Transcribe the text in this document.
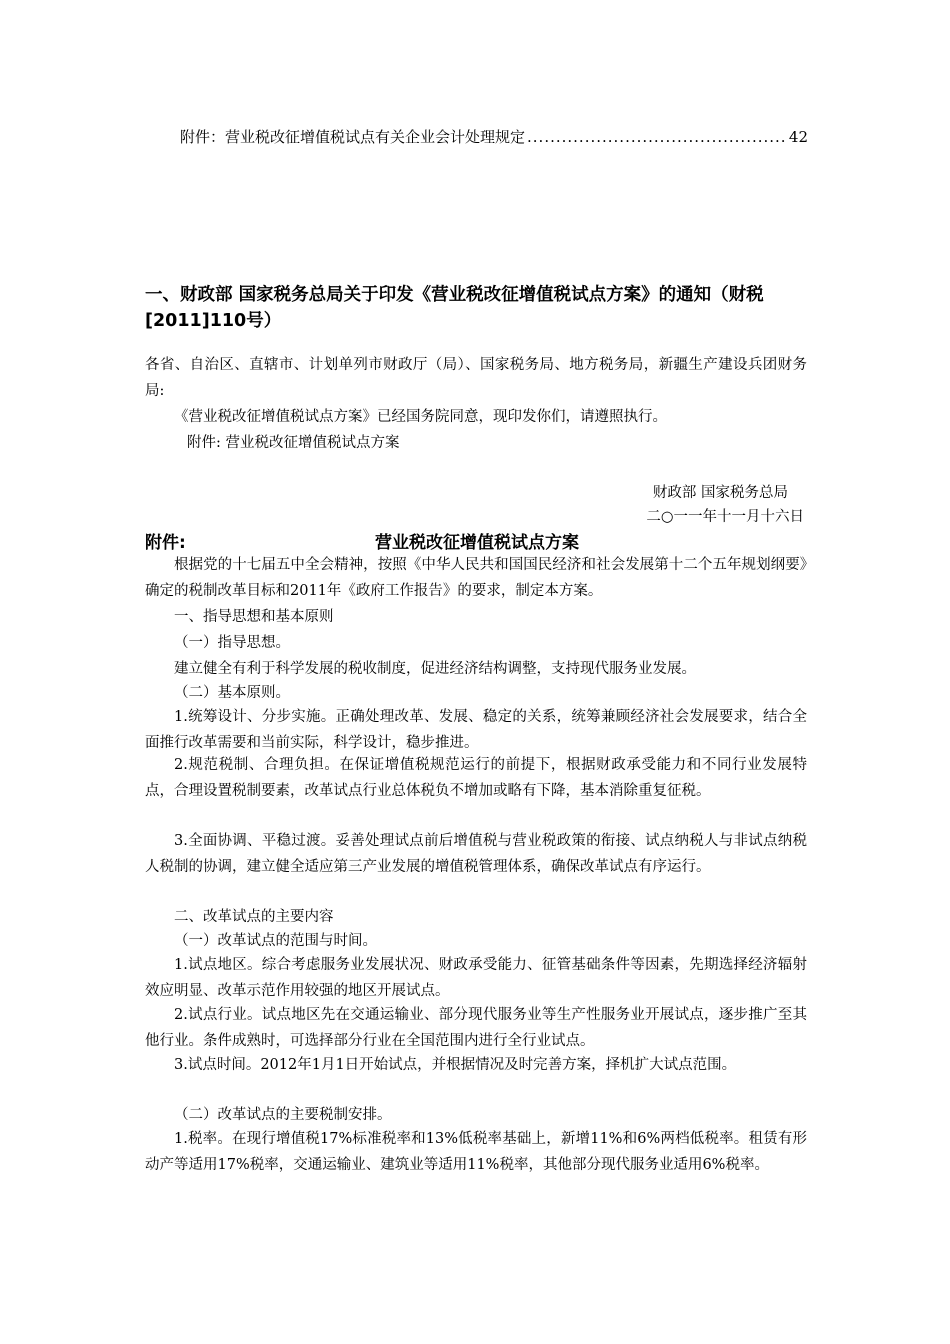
附件：营业税改征增值税试点有关企业会计处理规定
.....	42
一、财政部 国家税务总局关于印发《营业税改征增值税试点方案》的通知（财税[2011]110号）
各省、自治区、直辖市、计划单列市财政厅（局）、国家税务局、地方税务局，新疆生产建设兵团财务局:
《营业税改征增值税试点方案》已经国务院同意，现印发你们，请遵照执行。
附件: 营业税改征增值税试点方案
财政部 国家税务总局
二○一一年十一月十六日
附件:	营业税改征增值税试点方案
根据党的十七届五中全会精神，按照《中华人民共和国国民经济和社会发展第十二个五年规划纲要》确定的税制改革目标和2011年《政府工作报告》的要求，制定本方案。
一、指导思想和基本原则
（一）指导思想。
建立健全有利于科学发展的税收制度，促进经济结构调整，支持现代服务业发展。
（二）基本原则。
1.统筹设计、分步实施。正确处理改革、发展、稳定的关系，统筹兼顾经济社会发展要求，结合全面推行改革需要和当前实际，科学设计，稳步推进。
2.规范税制、合理负担。在保证增值税规范运行的前提下，根据财政承受能力和不同行业发展特点，合理设置税制要素，改革试点行业总体税负不增加或略有下降，基本消除重复征税。
3.全面协调、平稳过渡。妥善处理试点前后增值税与营业税政策的衔接、试点纳税人与非试点纳税人税制的协调，建立健全适应第三产业发展的增值税管理体系，确保改革试点有序运行。
二、改革试点的主要内容
（一）改革试点的范围与时间。
1.试点地区。综合考虑服务业发展状况、财政承受能力、征管基础条件等因素，先期选择经济辐射效应明显、改革示范作用较强的地区开展试点。
2.试点行业。试点地区先在交通运输业、部分现代服务业等生产性服务业开展试点，逐步推广至其他行业。条件成熟时，可选择部分行业在全国范围内进行全行业试点。
3.试点时间。2012年1月1日开始试点，并根据情况及时完善方案，择机扩大试点范围。
（二）改革试点的主要税制安排。
1.税率。在现行增值税17%标准税率和13%低税率基础上，新增11%和6%两档低税率。租赁有形动产等适用17%税率，交通运输业、建筑业等适用11%税率，其他部分现代服务业适用6%税率。
